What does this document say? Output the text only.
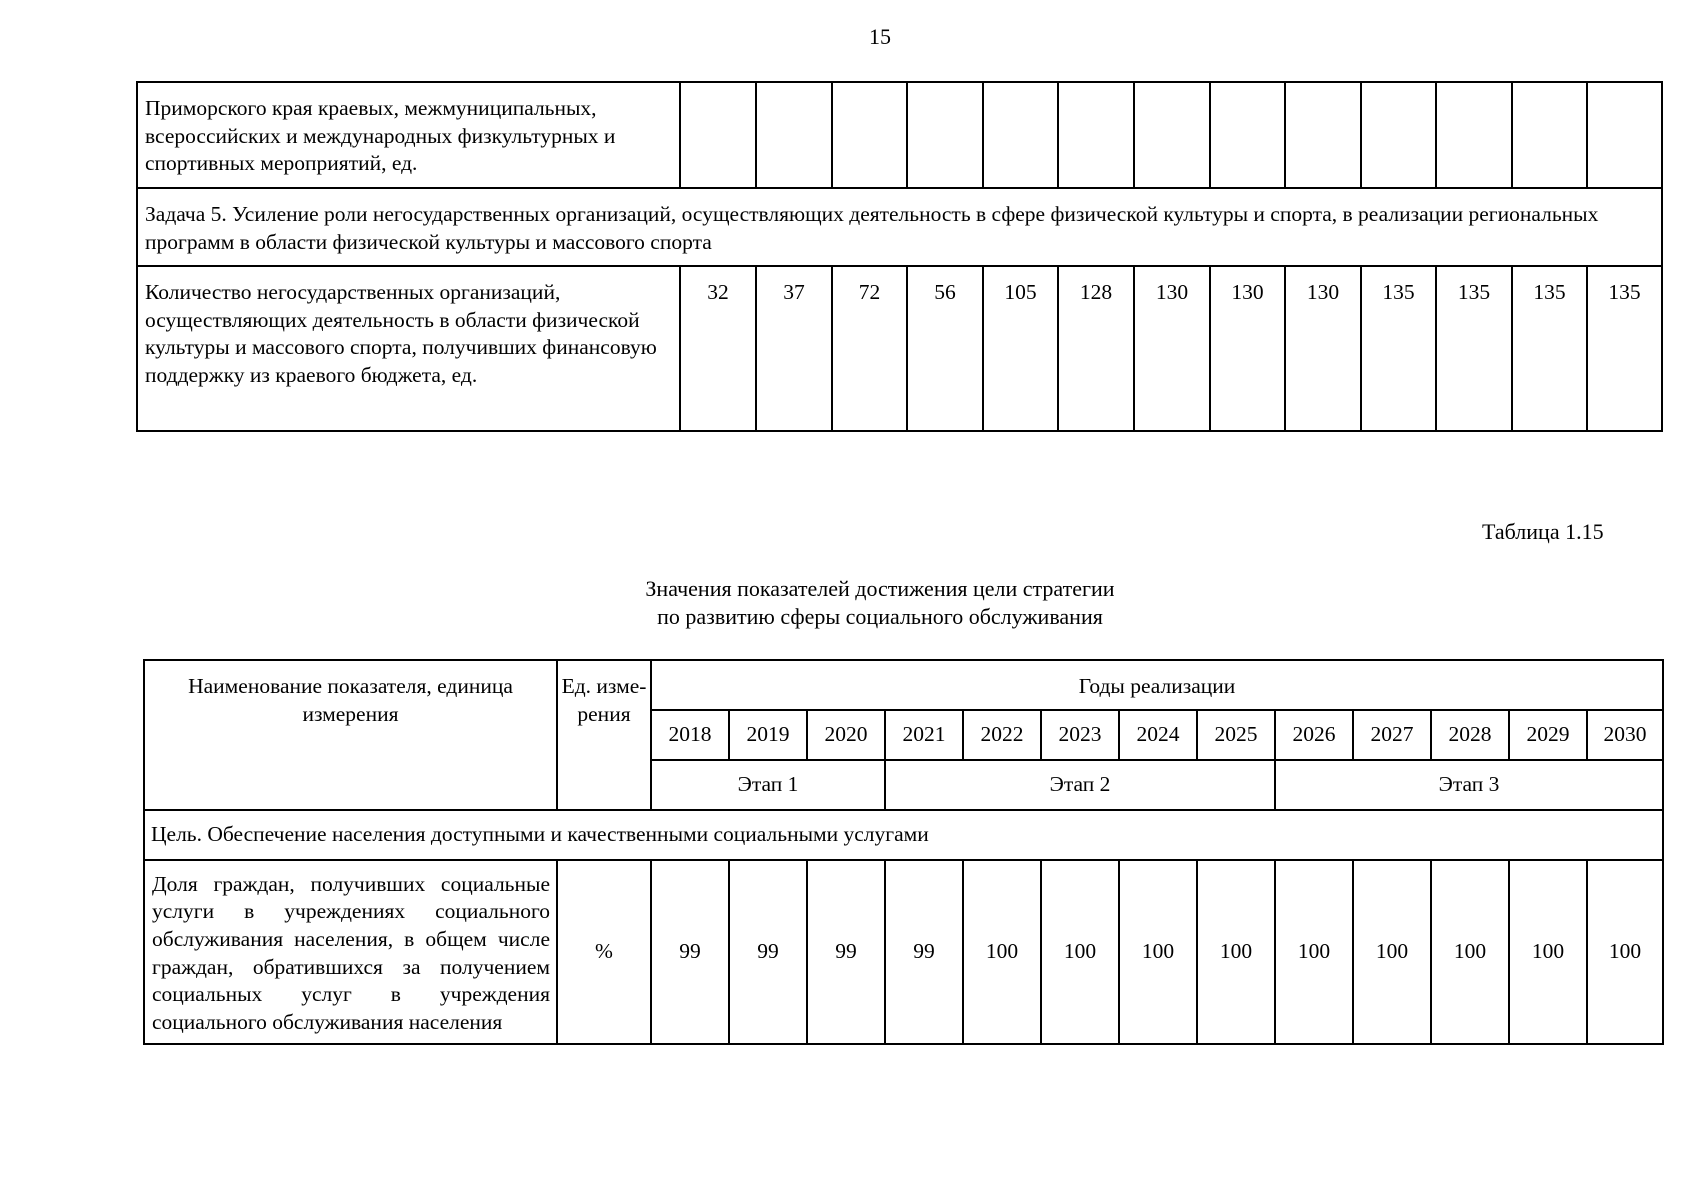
15
Приморского края краевых, межмуниципальных, всероссийских и международных физкультурных и спортивных мероприятий, ед.													
Задача 5. Усиление роли негосударственных организаций, осуществляющих деятельность в сфере физической культуры и спорта, в реализации региональных программ в области физической культуры и массового спорта													
Количество негосударственных организаций, осуществляющих деятельность в области физической культуры и массового спорта, получивших финансовую поддержку из краевого бюджета, ед.	32	37	72	56	105	128	130	130	130	135	135	135	135
Таблица 1.15
Значения показателей достижения цели стратегии
по развитию сферы социального обслуживания
Наименование показателя, единица измерения	Ед. изме-рения	Годы реализации												
		2018	2019	2020	2021	2022	2023	2024	2025	2026	2027	2028	2029	2030
		Этап 1			Этап 2					Этап 3				
Цель. Обеспечение населения доступными и качественными социальными услугами														
Доля граждан, получивших социальные услуги в учреждениях социального обслуживания населения, в общем числе граждан, обратившихся за получением социальных услуг в учреждения социального обслуживания населения	%	99	99	99	99	100	100	100	100	100	100	100	100	100
